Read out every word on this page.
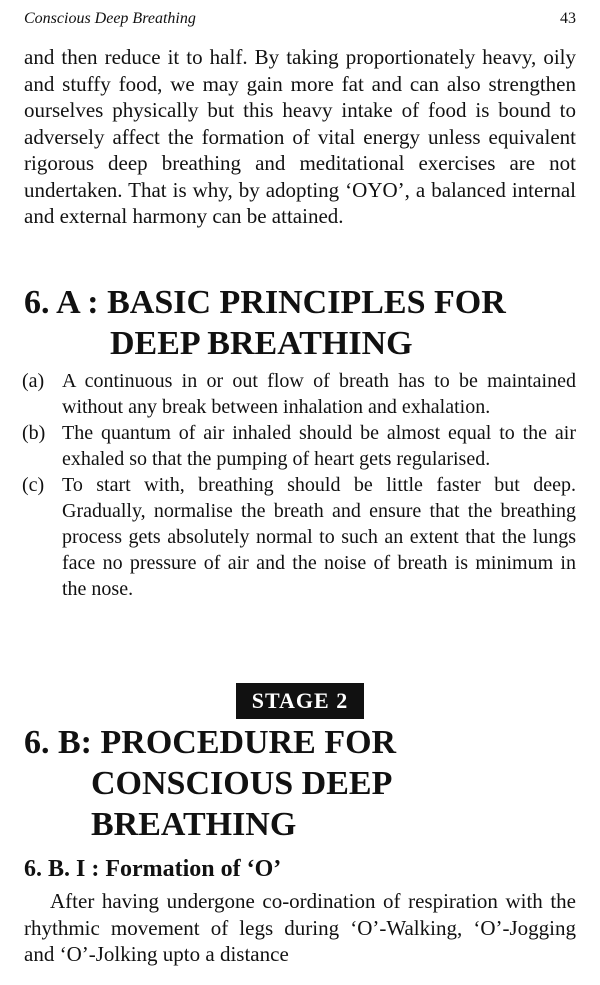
Conscious Deep Breathing	43

and then reduce it to half. By taking proportionately heavy, oily and stuffy food, we may gain more fat and can also strengthen ourselves physically but this heavy intake of food is bound to adversely affect the formation of vital energy unless equivalent rigorous deep breathing and meditational exercises are not undertaken. That is why, by adopting ‘OYO’, a balanced internal and external harmony can be attained.

6. A : BASIC PRINCIPLES FOR
DEEP BREATHING
(a) A continuous in or out flow of breath has to be maintained without any break between inhalation and exhalation.
(b) The quantum of air inhaled should be almost equal to the air exhaled so that the pumping of heart gets regularised.
(c) To start with, breathing should be little faster but deep. Gradually, normalise the breath and ensure that the breathing process gets absolutely normal to such an extent that the lungs face no pressure of air and the noise of breath is minimum in the nose.
STAGE 2
6. B: PROCEDURE FOR
CONSCIOUS DEEP
BREATHING
6. B. I : Formation of ‘O’

After having undergone co-ordination of respiration with the rhythmic movement of legs during ‘O’-Walking, ‘O’-Jogging and ‘O’-Jolking upto a distance
